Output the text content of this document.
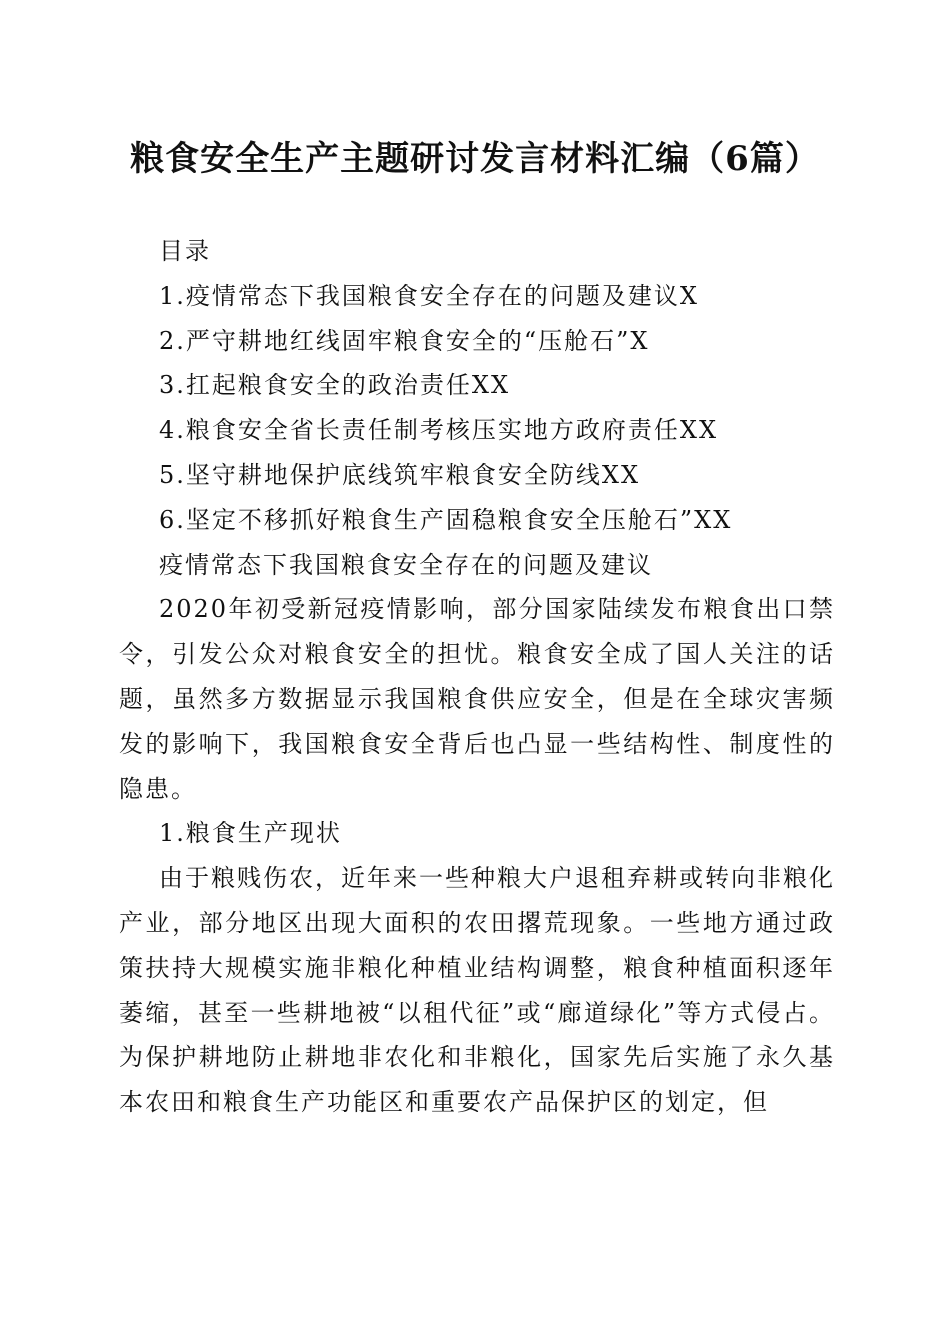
粮食安全生产主题研讨发言材料汇编（6篇）

目录

1.疫情常态下我国粮食安全存在的问题及建议X

2.严守耕地红线固牢粮食安全的“压舱石”X

3.扛起粮食安全的政治责任XX

4.粮食安全省长责任制考核压实地方政府责任XX

5.坚守耕地保护底线筑牢粮食安全防线XX

6.坚定不移抓好粮食生产固稳粮食安全压舱石”XX

疫情常态下我国粮食安全存在的问题及建议

2020年初受新冠疫情影响，部分国家陆续发布粮食出口禁令，引发公众对粮食安全的担忧。粮食安全成了国人关注的话题，虽然多方数据显示我国粮食供应安全，但是在全球灾害频发的影响下，我国粮食安全背后也凸显一些结构性、制度性的隐患。

1.粮食生产现状

由于粮贱伤农，近年来一些种粮大户退租弃耕或转向非粮化产业，部分地区出现大面积的农田撂荒现象。一些地方通过政策扶持大规模实施非粮化种植业结构调整，粮食种植面积逐年萎缩，甚至一些耕地被“以租代征”或“廊道绿化”等方式侵占。为保护耕地防止耕地非农化和非粮化，国家先后实施了永久基本农田和粮食生产功能区和重要农产品保护区的划定，但
